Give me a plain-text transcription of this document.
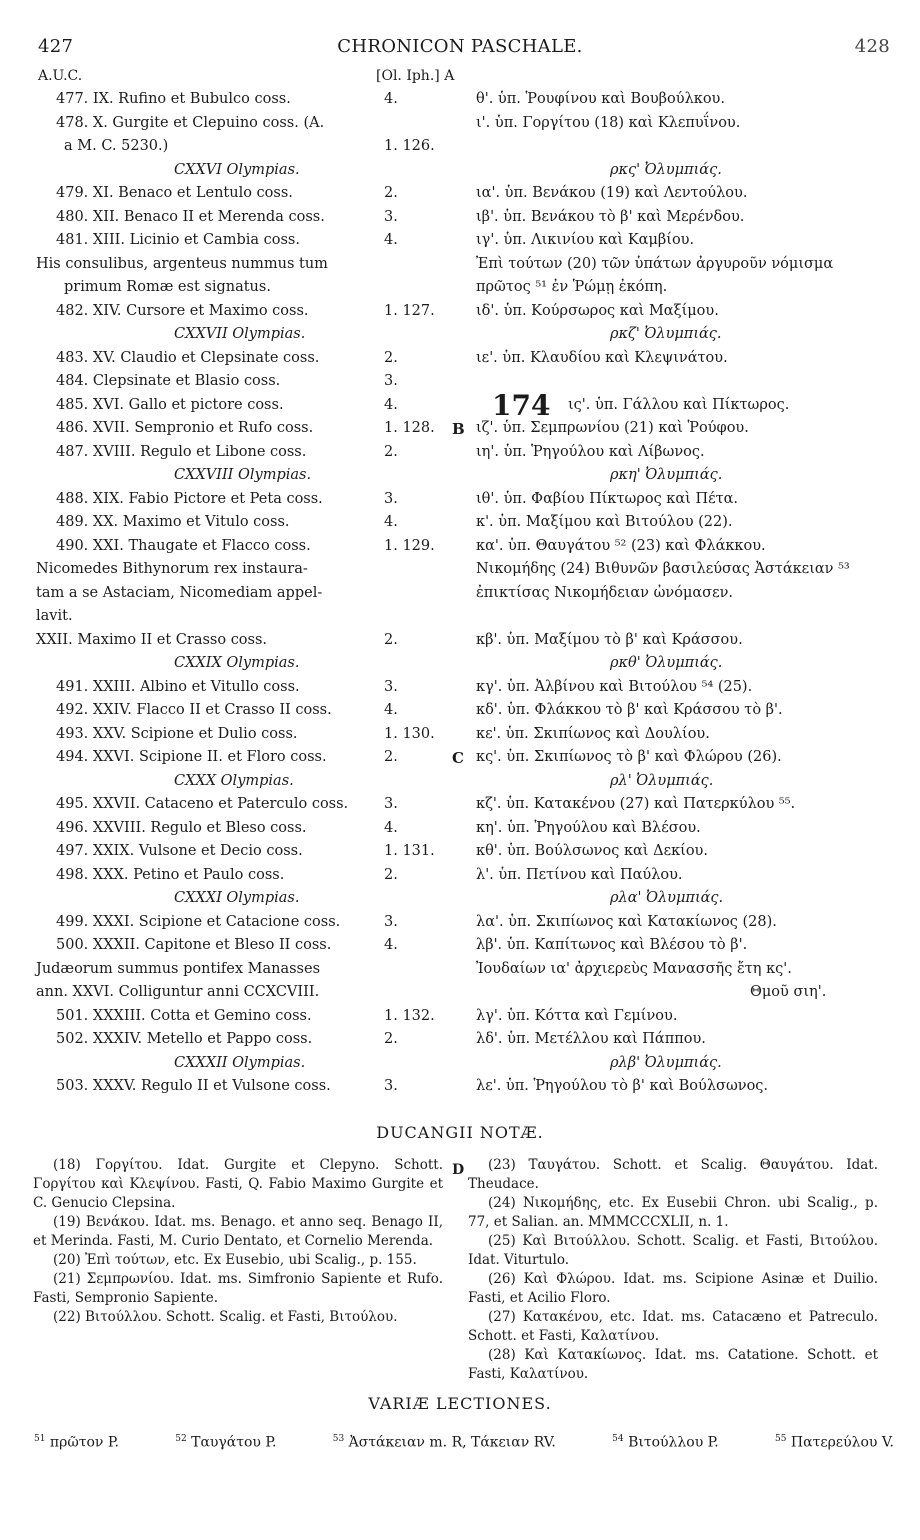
427	CHRONICON PASCHALE.	428
A.U.C.	[Ol. Iph.] A
477. IX. Rufino et Bubulco coss.	4.	θ'. ὑπ. Ῥουφίνου καὶ Βουβούλκου.
478. X. Gurgite et Clepuino coss. (A.	ι'. ὑπ. Γοργίτου (18) καὶ Κλεπυΐνου.
a M. C. 5230.)	1. 126.
CXXVI Olympias.	ρκς' Ὀλυμπιάς.
479. XI. Benaco et Lentulo coss.	2.	ια'. ὑπ. Βενάκου (19) καὶ Λεντούλου.
480. XII. Benaco II et Merenda coss.	3.	ιβ'. ὑπ. Βενάκου τὸ β' καὶ Μερένδου.
481. XIII. Licinio et Cambia coss.	4.	ιγ'. ὑπ. Λικινίου καὶ Καμβίου.
His consulibus, argenteus nummus tum	Ἐπὶ τούτων (20) τῶν ὑπάτων ἀργυροῦν νόμισμα
primum Romæ est signatus.	πρῶτος ⁵¹ ἐν Ῥώμῃ ἐκόπη.
482. XIV. Cursore et Maximo coss.	1. 127.	ιδ'. ὑπ. Κούρσωρος καὶ Μαξίμου.
CXXVII Olympias.	ρκζ' Ὀλυμπιάς.
483. XV. Claudio et Clepsinate coss.	2.	ιε'. ὑπ. Κλαυδίου καὶ Κλεψινάτου.
484. Clepsinate et Blasio coss.	3.
485. XVI. Gallo et pictore coss.	4.	174 ις'. ὑπ. Γάλλου καὶ Πίκτωρος.
486. XVII. Sempronio et Rufo coss.	1. 128. B ιζ'. ὑπ. Σεμπρωνίου (21) καὶ Ῥούφου.
487. XVIII. Regulo et Libone coss.	2.	ιη'. ὑπ. Ῥηγούλου καὶ Λίβωνος.
CXXVIII Olympias.	ρκη' Ὀλυμπιάς.
488. XIX. Fabio Pictore et Peta coss.	3.	ιθ'. ὑπ. Φαβίου Πίκτωρος καὶ Πέτα.
489. XX. Maximo et Vitulo coss.	4.	κ'. ὑπ. Μαξίμου καὶ Βιτούλου (22).
490. XXI. Thaugate et Flacco coss.	1. 129.	κα'. ὑπ. Θαυγάτου ⁵² (23) καὶ Φλάκκου.
Nicomedes Bithynorum rex instaura-	Νικομήδης (24) Βιθυνῶν βασιλεύσας Ἀστάκειαν ⁵³
tam a se Astaciam, Nicomediam appel-	ἐπικτίσας Νικομήδειαν ὠνόμασεν.
lavit.
XXII. Maximo II et Crasso coss.	2.	κβ'. ὑπ. Μαξίμου τὸ β' καὶ Κράσσου.
CXXIX Olympias.	ρκθ' Ὀλυμπιάς.
491. XXIII. Albino et Vitullo coss.	3.	κγ'. ὑπ. Ἀλβίνου καὶ Βιτούλου ⁵⁴ (25).
492. XXIV. Flacco II et Crasso II coss.	4.	κδ'. ὑπ. Φλάκκου τὸ β' καὶ Κράσσου τὸ β'.
493. XXV. Scipione et Dulio coss.	1. 130.	κε'. ὑπ. Σκιπίωνος καὶ Δουλίου.
494. XXVI. Scipione II. et Floro coss.	2.	C κς'. ὑπ. Σκιπίωνος τὸ β' καὶ Φλώρου (26).
CXXX Olympias.	ρλ' Ὀλυμπιάς.
495. XXVII. Cataceno et Paterculo coss.	3.	κζ'. ὑπ. Κατακένου (27) καὶ Πατερκύλου ⁵⁵.
496. XXVIII. Regulo et Bleso coss.	4.	κη'. ὑπ. Ῥηγούλου καὶ Βλέσου.
497. XXIX. Vulsone et Decio coss.	1. 131.	κθ'. ὑπ. Βούλσωνος καὶ Δεκίου.
498. XXX. Petino et Paulo coss.	2.	λ'. ὑπ. Πετίνου καὶ Παύλου.
CXXXI Olympias.	ρλα' Ὀλυμπιάς.
499. XXXI. Scipione et Catacione coss.	3.	λα'. ὑπ. Σκιπίωνος καὶ Κατακίωνος (28).
500. XXXII. Capitone et Bleso II coss.	4.	λβ'. ὑπ. Καπίτωνος καὶ Βλέσου τὸ β'.
Judæorum summus pontifex Manasses	Ἰουδαίων ια' ἀρχιερεὺς Μανασσῆς ἔτη κς'.
ann. XXVI. Colliguntur anni CCXCVIII.	Θμοῦ σιη'.
501. XXXIII. Cotta et Gemino coss.	1. 132.	λγ'. ὑπ. Κόττα καὶ Γεμίνου.
502. XXXIV. Metello et Pappo coss.	2.	λδ'. ὑπ. Μετέλλου καὶ Πάππου.
CXXXII Olympias.	ρλβ' Ὀλυμπιάς.
503. XXXV. Regulo II et Vulsone coss.	3.	λε'. ὑπ. Ῥηγούλου τὸ β' καὶ Βούλσωνος.
DUCANGII NOTÆ.
D

(18) Γοργίτου. Idat. Gurgite et Clepyno. Schott. Γοργίτου καὶ Κλεψίνου. Fasti, Q. Fabio Maximo Gurgite et C. Genucio Clepsina.

(19) Βενάκου. Idat. ms. Benago. et anno seq. Benago II, et Merinda. Fasti, M. Curio Dentato, et Cornelio Merenda.

(20) Ἐπὶ τούτων, etc. Ex Eusebio, ubi Scalig., p. 155.

(21) Σεμπρωνίου. Idat. ms. Simfronio Sapiente et Rufo. Fasti, Sempronio Sapiente.

(22) Βιτούλλου. Schott. Scalig. et Fasti, Βιτούλου.

(23) Ταυγάτου. Schott. et Scalig. Θαυγάτου. Idat. Theudace.

(24) Νικομήδης, etc. Ex Eusebii Chron. ubi Scalig., p. 77, et Salian. an. MMMCCCXLII, n. 1.

(25) Καὶ Βιτούλλου. Schott. Scalig. et Fasti, Βιτούλου. Idat. Viturtulo.

(26) Καὶ Φλώρου. Idat. ms. Scipione Asinæ et Duilio. Fasti, et Acilio Floro.

(27) Κατακένου, etc. Idat. ms. Catacæno et Patreculo. Schott. et Fasti, Καλατίνου.

(28) Καὶ Κατακίωνος. Idat. ms. Catatione. Schott. et Fasti, Καλατίνου.

VARIÆ LECTIONES.
$^{51}$ πρῶτον P.	$^{52}$ Ταυγάτου P.	$^{53}$ Ἀστάκειαν m. R, Τάκειαν RV.	$^{54}$ Βιτούλλου P.	$^{55}$ Πατερεύλου V.
